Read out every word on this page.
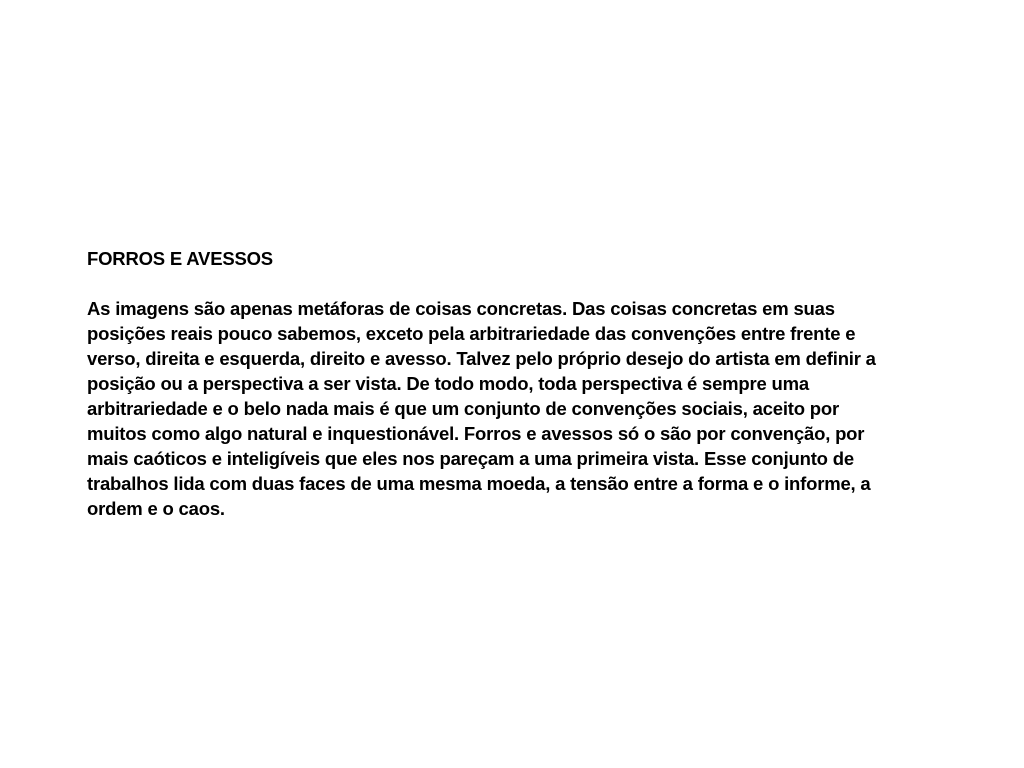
FORROS E AVESSOS
As imagens são apenas metáforas de coisas concretas. Das coisas concretas em suas
posições reais pouco sabemos, exceto pela arbitrariedade das convenções entre frente e
verso, direita e esquerda, direito e avesso. Talvez pelo próprio desejo do artista em definir a
posição ou a perspectiva a ser vista. De todo modo, toda perspectiva é sempre uma
arbitrariedade e o belo nada mais é que um conjunto de convenções sociais, aceito por
muitos como algo natural e inquestionável. Forros e avessos só o são por convenção, por
mais caóticos e inteligíveis que eles nos pareçam a uma primeira vista. Esse conjunto de
trabalhos lida com duas faces de uma mesma moeda, a tensão entre a forma e o informe, a
ordem e o caos.
